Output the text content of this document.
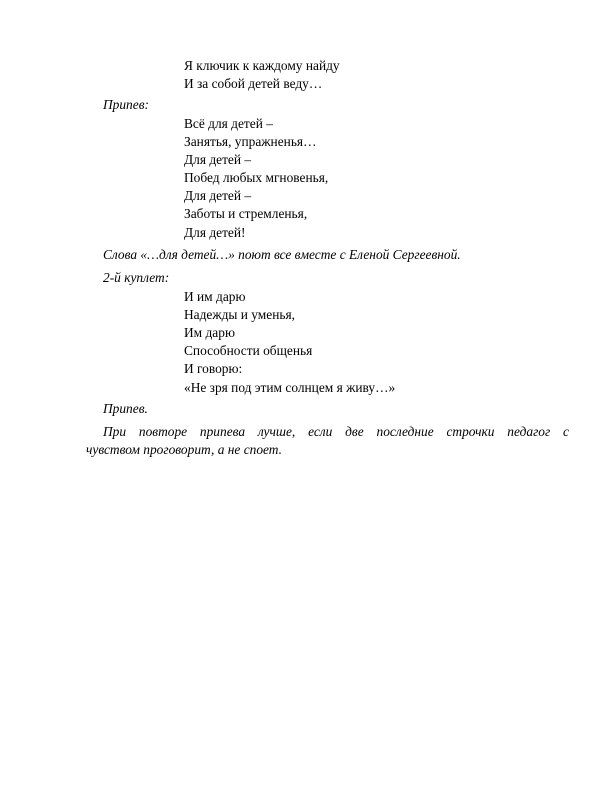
Я ключик к каждому найду
И за собой детей веду…
Припев:
Всё для детей –
Занятья, упражненья…
Для детей –
Побед любых мгновенья,
Для детей –
Заботы и стремленья,
Для детей!
Слова «…для детей…» поют все вместе с Еленой Сергеевной.
2-й куплет:
И им дарю
Надежды и уменья,
Им дарю
Способности общенья
И говорю:
«Не зря под этим солнцем я живу…»
Припев.
При повторе припева лучше, если две последние строчки педагог с
чувством проговорит, а не споет.
